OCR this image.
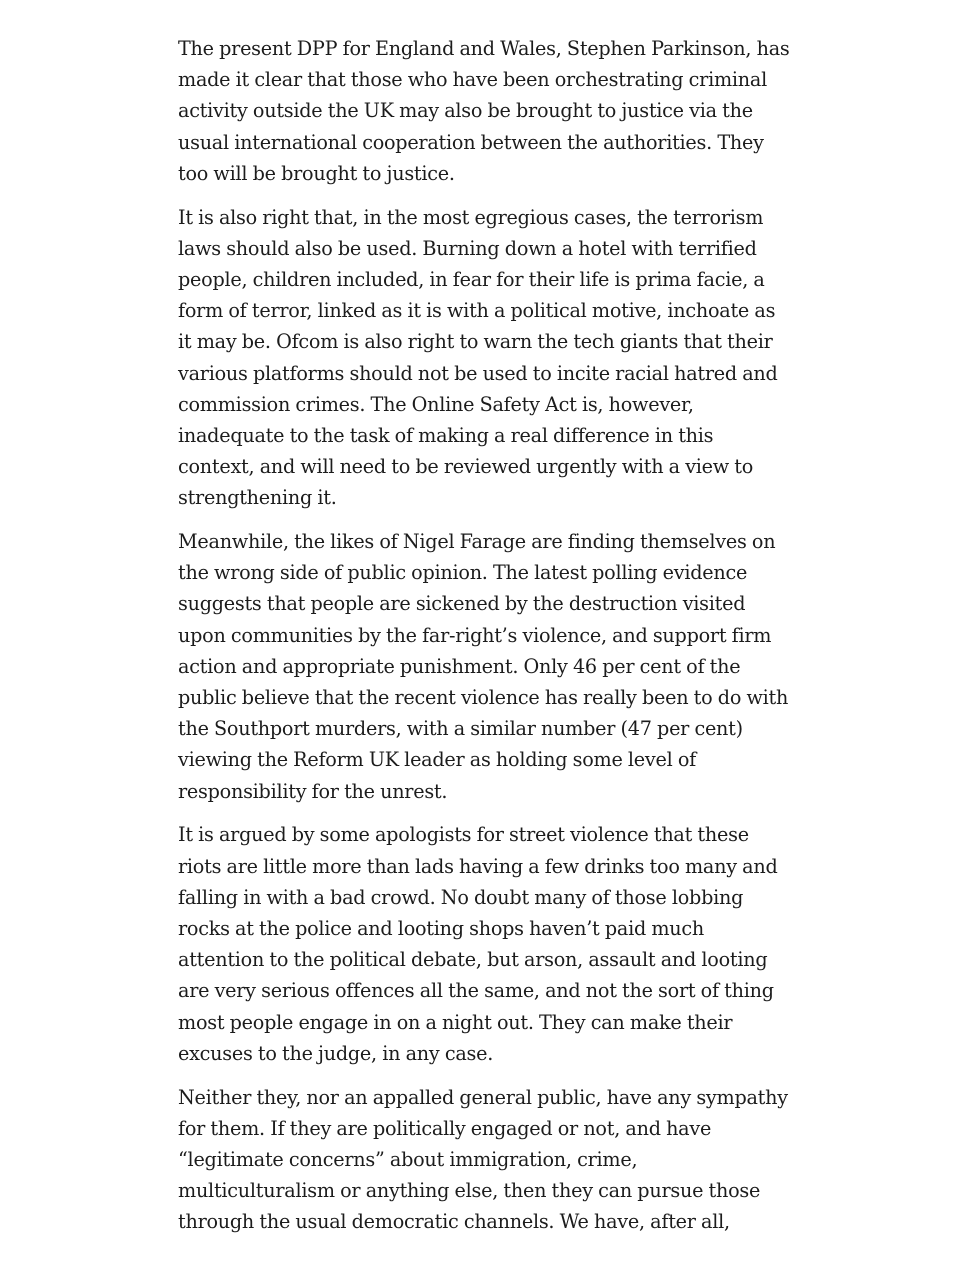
The present DPP for England and Wales, Stephen Parkinson, has made it clear that those who have been orchestrating criminal activity outside the UK may also be brought to justice via the usual international cooperation between the authorities. They too will be brought to justice.

It is also right that, in the most egregious cases, the terrorism laws should also be used. Burning down a hotel with terrified people, children included, in fear for their life is prima facie, a form of terror, linked as it is with a political motive, inchoate as it may be. Ofcom is also right to warn the tech giants that their various platforms should not be used to incite racial hatred and commission crimes. The Online Safety Act is, however, inadequate to the task of making a real difference in this context, and will need to be reviewed urgently with a view to strengthening it.

Meanwhile, the likes of Nigel Farage are finding themselves on the wrong side of public opinion. The latest polling evidence suggests that people are sickened by the destruction visited upon communities by the far-right’s violence, and support firm action and appropriate punishment. Only 46 per cent of the public believe that the recent violence has really been to do with the Southport murders, with a similar number (47 per cent) viewing the Reform UK leader as holding some level of responsibility for the unrest.

It is argued by some apologists for street violence that these riots are little more than lads having a few drinks too many and falling in with a bad crowd. No doubt many of those lobbing rocks at the police and looting shops haven’t paid much attention to the political debate, but arson, assault and looting are very serious offences all the same, and not the sort of thing most people engage in on a night out. They can make their excuses to the judge, in any case.

Neither they, nor an appalled general public, have any sympathy for them. If they are politically engaged or not, and have “legitimate concerns” about immigration, crime, multiculturalism or anything else, then they can pursue those through the usual democratic channels. We have, after all,
